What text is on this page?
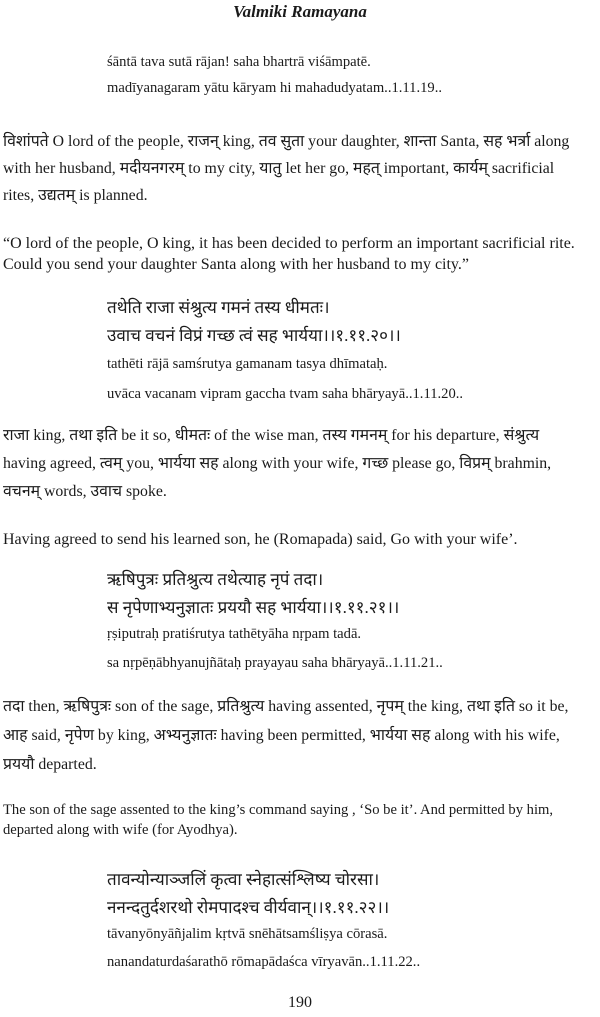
Valmiki Ramayana
śāntā tava sutā rājan! saha bhartrā viśāmpatē.
madīyanagaram yātu kāryam hi mahadudyatam..1.11.19..
विशांपते O lord of the people, राजन् king, तव सुता your daughter, शान्ता Santa, सह भर्त्रा along
with her husband, मदीयनगरम् to my city, यातु let her go, महत् important, कार्यम् sacrificial
rites, उद्यतम् is planned.
“O lord of the people, O king, it has been decided to perform an important sacrificial rite.
Could you send your daughter Santa along with her husband to my city.”
तथेति राजा संश्रुत्य गमनं तस्य धीमतः।
उवाच वचनं विप्रं गच्छ त्वं सह भार्यया।।१.११.२०।।
tathēti rājā samśrutya gamanam tasya dhīmataḥ.
uvāca vacanam vipram gaccha tvam saha bhāryayā..1.11.20..
राजा king, तथा इति be it so, धीमतः of the wise man, तस्य गमनम् for his departure, संश्रुत्य
having agreed, त्वम् you, भार्यया सह along with your wife, गच्छ please go, विप्रम् brahmin,
वचनम् words, उवाच spoke.
Having agreed to send his learned son, he (Romapada) said, Go with your wife’.
ऋषिपुत्रः प्रतिश्रुत्य तथेत्याह नृपं तदा।
स नृपेणाभ्यनुज्ञातः प्रययौ सह भार्यया।।१.११.२१।।
ṛṣiputraḥ pratiśrutya tathētyāha nṛpam tadā.
sa nṛpēṇābhyanujñātaḥ prayayau saha bhāryayā..1.11.21..
तदा then, ऋषिपुत्रः son of the sage, प्रतिश्रुत्य having assented, नृपम् the king, तथा इति so it be,
आह said, नृपेण by king, अभ्यनुज्ञातः having been permitted, भार्यया सह along with his wife,
प्रययौ departed.
The son of the sage assented to the king’s command saying , ‘So be it’. And permitted by him,
departed along with wife (for Ayodhya).
तावन्योन्याञ्जलिं कृत्वा स्नेहात्संश्लिष्य चोरसा।
ननन्दतुर्दशरथो रोमपादश्च वीर्यवान्।।१.११.२२।।
tāvanyōnyāñjalim kṛtvā snēhātsamśliṣya cōrasā.
nanandaturdaśarathō rōmapādaśca vīryavān..1.11.22..
190
